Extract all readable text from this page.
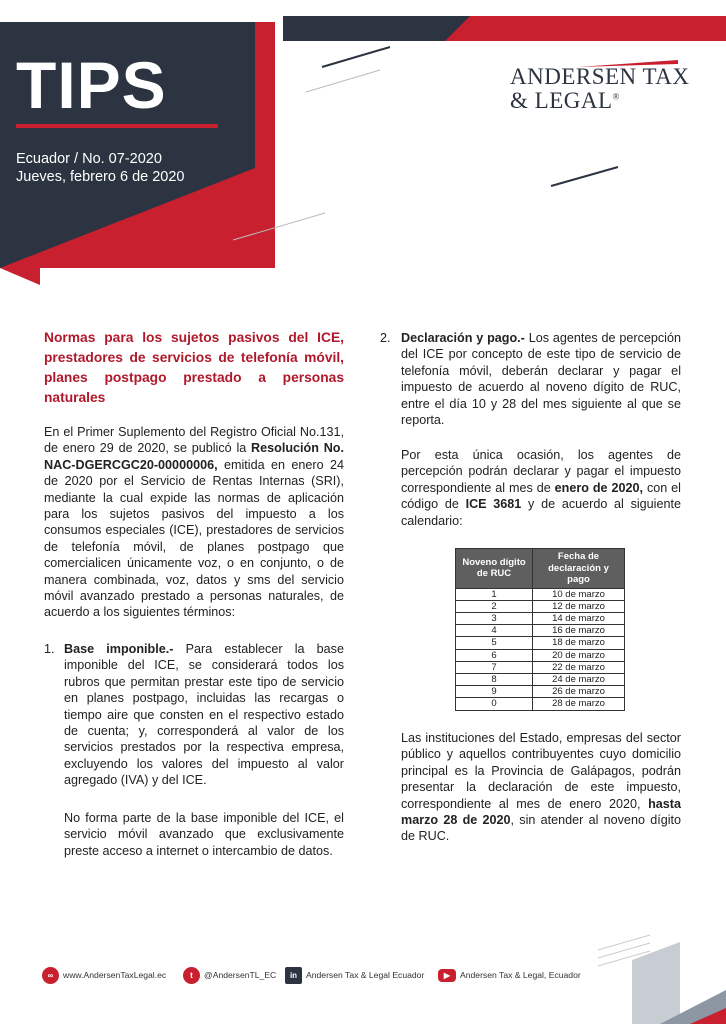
TIPS
Ecuador / No. 07-2020
Jueves, febrero 6 de 2020
ANDERSEN TAX
& LEGAL®

Normas para los sujetos pasivos del ICE, prestadores de servicios de telefonía móvil, planes postpago prestado a personas naturales

En el Primer Suplemento del Registro Oficial No.131, de enero 29 de 2020, se publicó la Resolución No. NAC-DGERCGC20-00000006, emitida en enero 24 de 2020 por el Servicio de Rentas Internas (SRI), mediante la cual expide las normas de aplicación para los sujetos pasivos del impuesto a los consumos especiales (ICE), prestadores de servicios de telefonía móvil, de planes postpago que comercialicen únicamente voz, o en conjunto, o de manera combinada, voz, datos y sms del servicio móvil avanzado prestado a personas naturales, de acuerdo a los siguientes términos:

1. Base imponible.- Para establecer la base imponible del ICE, se considerará todos los rubros que permitan prestar este tipo de servicio en planes postpago, incluidas las recargas o tiempo aire que consten en el respectivo estado de cuenta; y, corresponderá al valor de los servicios prestados por la respectiva empresa, excluyendo los valores del impuesto al valor agregado (IVA) y del ICE.

No forma parte de la base imponible del ICE, el servicio móvil avanzado que exclusivamente preste acceso a internet o intercambio de datos.

2. Declaración y pago.- Los agentes de percepción del ICE por concepto de este tipo de servicio de telefonía móvil, deberán declarar y pagar el impuesto de acuerdo al noveno dígito de RUC, entre el día 10 y 28 del mes siguiente al que se reporta.

Por esta única ocasión, los agentes de percepción podrán declarar y pagar el impuesto correspondiente al mes de enero de 2020, con el código de ICE 3681 y de acuerdo al siguiente calendario:

Noveno dígito de RUC	Fecha de declaración y pago
1	10 de marzo
2	12 de marzo
3	14 de marzo
4	16 de marzo
5	18 de marzo
6	20 de marzo
7	22 de marzo
8	24 de marzo
9	26 de marzo
0	28 de marzo

Las instituciones del Estado, empresas del sector público y aquellos contribuyentes cuyo domicilio principal es la Provincia de Galápagos, podrán presentar la declaración de este impuesto, correspondiente al mes de enero 2020, hasta marzo 28 de 2020, sin atender al noveno dígito de RUC.

∞	www.AndersenTaxLegal.ec	t	@AndersenTL_EC	in	Andersen Tax & Legal Ecuador	▶	Andersen Tax & Legal, Ecuador
